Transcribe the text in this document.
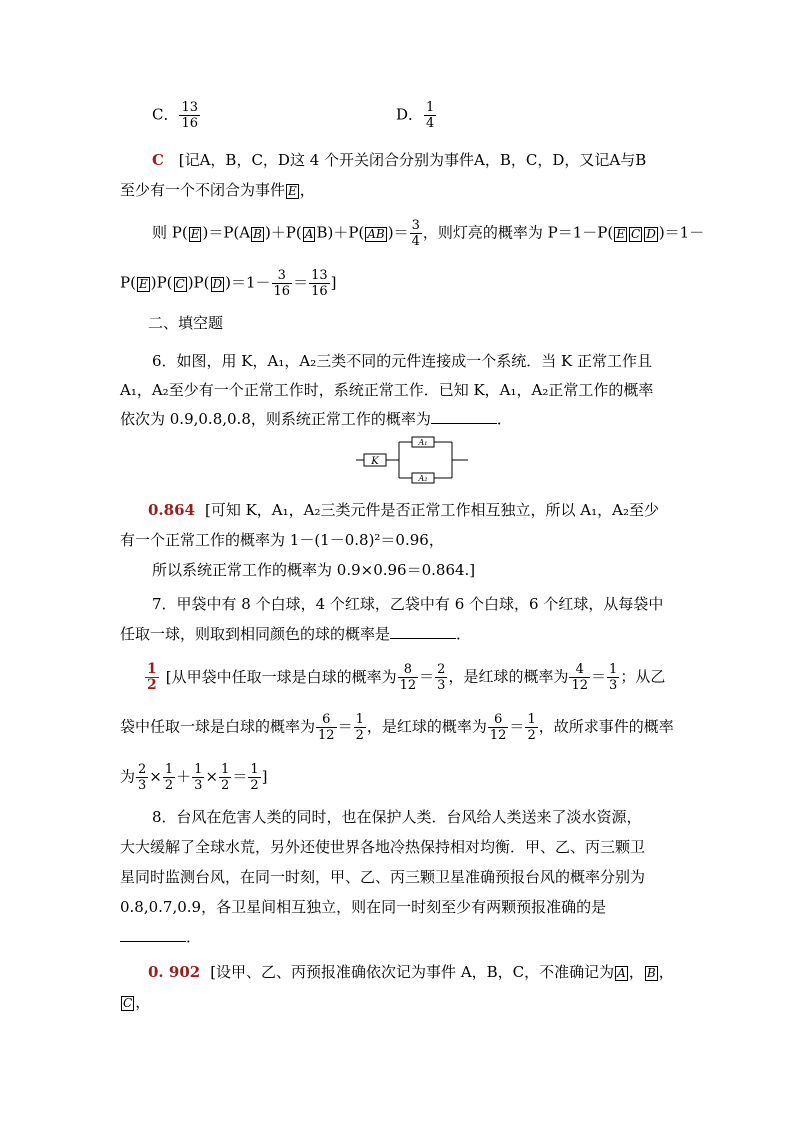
C． $\frac{13}{16}$	D． $\frac{1}{4}$
C [记A，B，C，D这 4 个开关闭合分别为事件A，B，C，D，又记A与B
至少有一个不闭合为事件 E ，
则 P( E )＝P(A B )＋P( A B)＋P( AB )＝ $\frac{3}{4}$ ，则灯亮的概率为 P＝1－P( E C D )＝1－
P( E )P( C )P( D )$=1- \frac{3}{16} = \frac{13}{16}$ ]
二、填空题
6．如图，用 K，A₁，A₂三类不同的元件连接成一个系统．当 K 正常工作且
A₁，A₂至少有一个正常工作时，系统正常工作．已知 K，A₁，A₂正常工作的概率
依次为 0.9,0.8,0.8，则系统正常工作的概率为	．
K
A₁
A₂
0.864 [可知 K，A₁，A₂三类元件是否正常工作相互独立，所以 A₁，A₂至少
有一个正常工作的概率为 1－(1－0.8)²＝0.96，
所以系统正常工作的概率为 0.9×0.96＝0.864.]
7．甲袋中有 8 个白球，4 个红球，乙袋中有 6 个白球，6 个红球，从每袋中
任取一球，则取到相同颜色的球的概率是	．
$\frac{1}{2}$ [从甲袋中任取一球是白球的概率为 $\frac{8}{12} = \frac{2}{3}$ ，是红球的概率为 $\frac{4}{12} = \frac{1}{3}$ ；从乙
袋中任取一球是白球的概率为 $\frac{6}{12} = \frac{1}{2}$ ，是红球的概率为 $\frac{6}{12} = \frac{1}{2}$ ，故所求事件的概率
为 $\frac{2}{3} \times \frac{1}{2} + \frac{1}{3} \times \frac{1}{2} = \frac{1}{2}$ ]
8．台风在危害人类的同时，也在保护人类．台风给人类送来了淡水资源，
大大缓解了全球水荒，另外还使世界各地冷热保持相对均衡．甲、乙、丙三颗卫
星同时监测台风，在同一时刻，甲、乙、丙三颗卫星准确预报台风的概率分别为
0.8,0.7,0.9，各卫星间相互独立，则在同一时刻至少有两颗预报准确的是
．
0. 902 [设甲、乙、丙预报准确依次记为事件 A，B，C，不准确记为 A ， B ，
C ，
